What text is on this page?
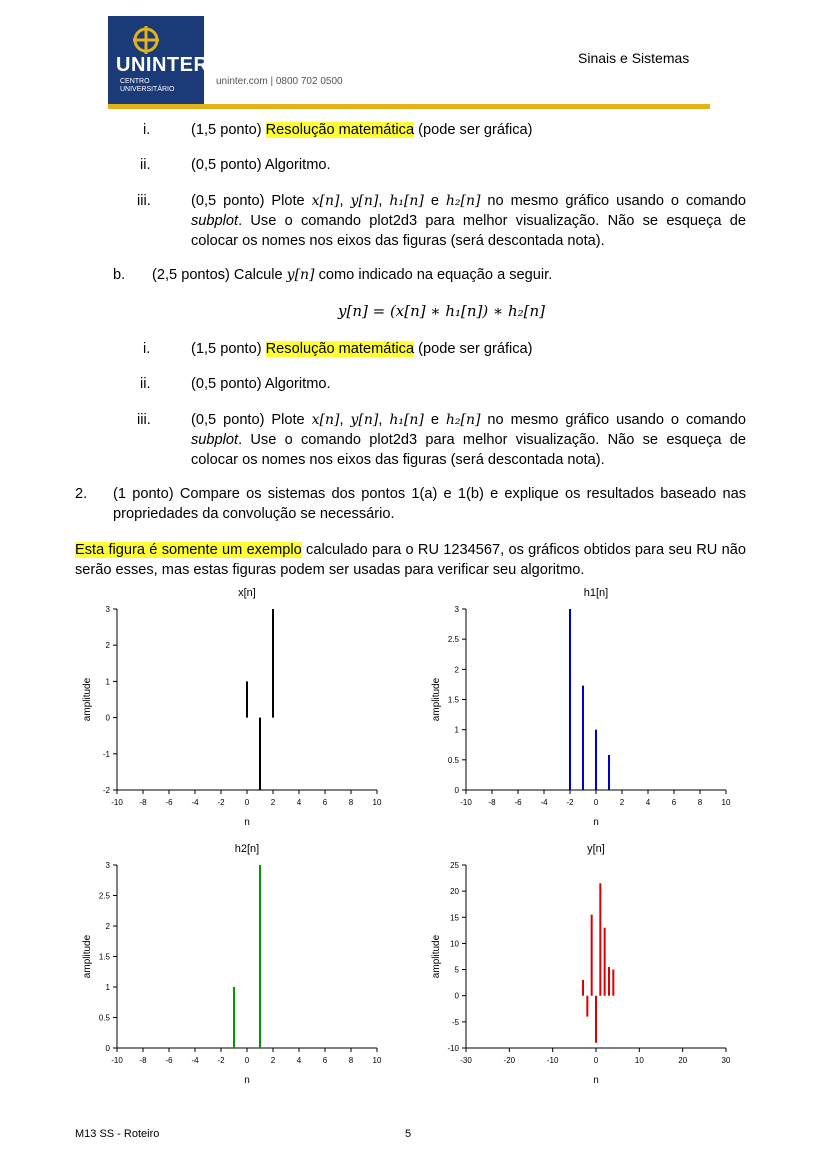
UNINTER
CENTRO
UNIVERSITÁRIO
uninter.com | 0800 702 0500
Sinais e Sistemas
i.	(1,5 ponto) Resolução matemática (pode ser gráfica)
ii.	(0,5 ponto) Algoritmo.
iii.	(0,5 ponto) Plote x[n], y[n], h₁[n] e h₂[n] no mesmo gráfico usando o comando subplot. Use o comando plot2d3 para melhor visualização. Não se esqueça de colocar os nomes nos eixos das figuras (será descontada nota).
b. (2,5 pontos) Calcule y[n] como indicado na equação a seguir.
y[n] = (x[n] ∗ h₁[n]) ∗ h₂[n]
i.	(1,5 ponto) Resolução matemática (pode ser gráfica)
ii.	(0,5 ponto) Algoritmo.
iii.	(0,5 ponto) Plote x[n], y[n], h₁[n] e h₂[n] no mesmo gráfico usando o comando subplot. Use o comando plot2d3 para melhor visualização. Não se esqueça de colocar os nomes nos eixos das figuras (será descontada nota).
2. (1 ponto) Compare os sistemas dos pontos 1(a) e 1(b) e explique os resultados baseado nas propriedades da convolução se necessário.
Esta figura é somente um exemplo calculado para o RU 1234567, os gráficos obtidos para seu RU não serão esses, mas estas figuras podem ser usadas para verificar seu algoritmo.
-10 -8 -6 -4 -2	0	2	4	6	8 10
-2
-1
0
1
2
3
x[n]
n
amplitude
-10 -8 -6 -4 -2	0	2	4	6	8 10
0
0.5
1
1.5
2
2.5
3
h1[n]
n
amplitude
-10 -8 -6 -4 -2	0	2	4	6	8 10
0
0.5
1
1.5
2
2.5
3
h2[n]
n
amplitude
-30	-20	-10	0	10	20	30
-10
-5
0
5
10
15
20
25
y[n]
n
amplitude
M13 SS - Roteiro	5
